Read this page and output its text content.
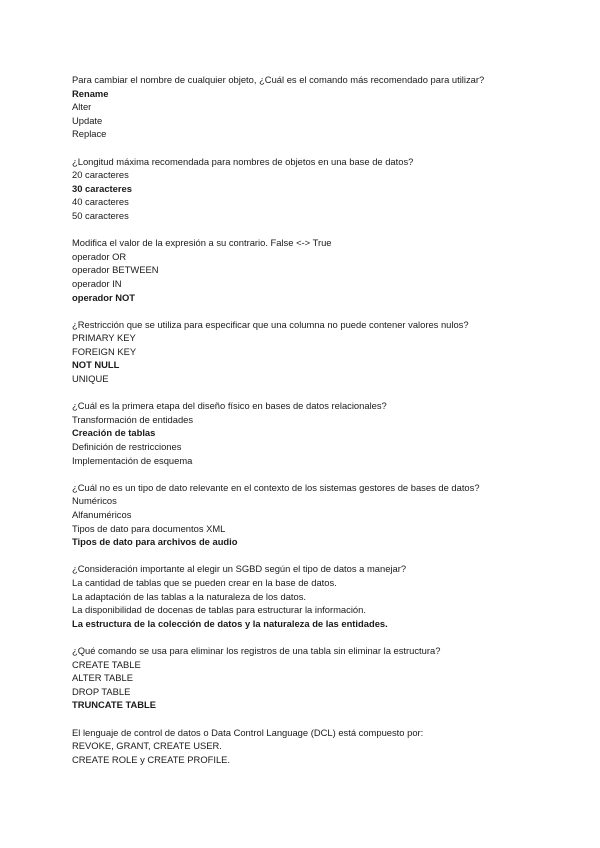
Para cambiar el nombre de cualquier objeto, ¿Cuál es el comando más recomendado para utilizar?
Rename
Alter
Update
Replace
¿Longitud máxima recomendada para nombres de objetos en una base de datos?
20 caracteres
30 caracteres
40 caracteres
50 caracteres
Modifica el valor de la expresión a su contrario. False <-> True
operador OR
operador BETWEEN
operador IN
operador NOT
¿Restricción que se utiliza para especificar que una columna no puede contener valores nulos?
PRIMARY KEY
FOREIGN KEY
NOT NULL
UNIQUE
¿Cuál es la primera etapa del diseño físico en bases de datos relacionales?
Transformación de entidades
Creación de tablas
Definición de restricciones
Implementación de esquema
¿Cuál no es un tipo de dato relevante en el contexto de los sistemas gestores de bases de datos?
Numéricos
Alfanuméricos
Tipos de dato para documentos XML
Tipos de dato para archivos de audio
¿Consideración importante al elegir un SGBD según el tipo de datos a manejar?
La cantidad de tablas que se pueden crear en la base de datos.
La adaptación de las tablas a la naturaleza de los datos.
La disponibilidad de docenas de tablas para estructurar la información.
La estructura de la colección de datos y la naturaleza de las entidades.
¿Qué comando se usa para eliminar los registros de una tabla sin eliminar la estructura?
CREATE TABLE
ALTER TABLE
DROP TABLE
TRUNCATE TABLE
El lenguaje de control de datos o Data Control Language (DCL) está compuesto por:
REVOKE, GRANT, CREATE USER.
CREATE ROLE y CREATE PROFILE.
